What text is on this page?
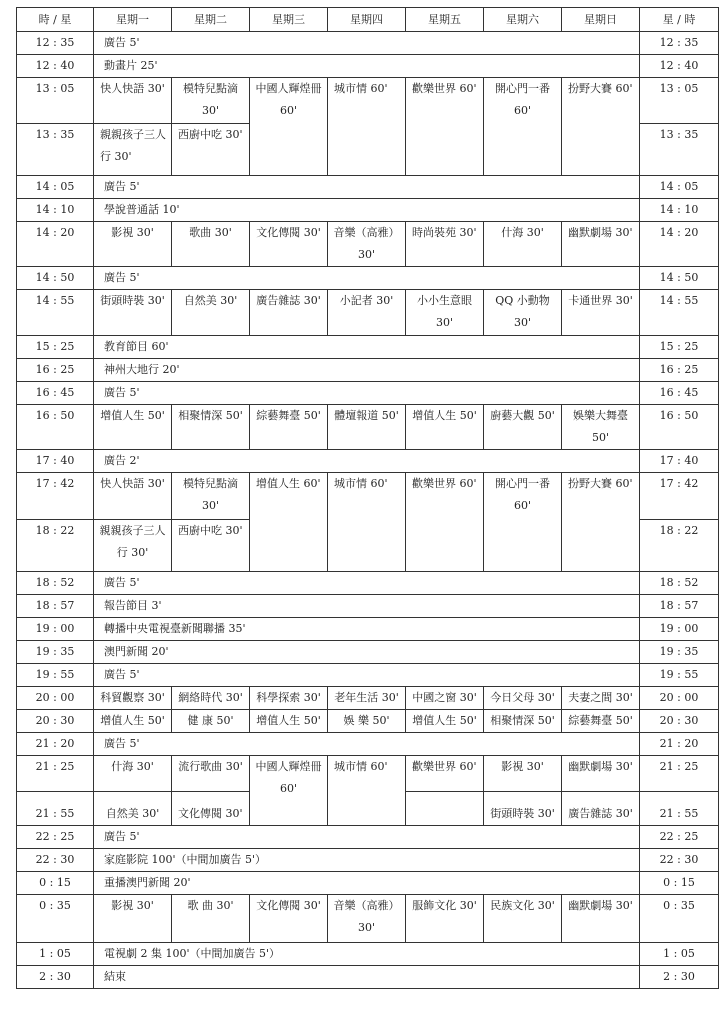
時 / 星	星期一	星期二	星期三	星期四	星期五	星期六	星期日	星 / 時
12 : 35	廣告 5'							12 : 35
12 : 40	動畫片 25'							12 : 40
13 : 05	快人快語 30'	模特兒點滴 30'	中國人輝煌冊 60'	城市情 60'	歡樂世界 60'	開心門一番 60'	扮野大賽 60'	13 : 05
13 : 35	親親孩子三人行 30'	西廚中吃 30'						13 : 35
14 : 05	廣告 5'							14 : 05
14 : 10	學說普通話 10'							14 : 10
14 : 20	影視 30'	歌曲 30'	文化傳閱 30'	音樂（高雅）30'	時尚裝苑 30'	什海 30'	幽默劇場 30'	14 : 20
14 : 50	廣告 5'							14 : 50
14 : 55	街頭時裝 30'	自然美 30'	廣告雜誌 30'	小記者 30'	小小生意眼 30'	QQ 小動物 30'	卡通世界 30'	14 : 55
15 : 25	教育節目 60'							15 : 25
16 : 25	神州大地行 20'							16 : 25
16 : 45	廣告 5'							16 : 45
16 : 50	增值人生 50'	相聚情深 50'	綜藝舞臺 50'	體壇報道 50'	增值人生 50'	廚藝大觀 50'	娛樂大舞臺 50'	16 : 50
17 : 40	廣告 2'							17 : 40
17 : 42	快人快語 30'	模特兒點滴 30'	增值人生 60'	城市情 60'	歡樂世界 60'	開心門一番 60'	扮野大賽 60'	17 : 42
18 : 22	親親孩子三人行 30'	西廚中吃 30'						18 : 22
18 : 52	廣告 5'							18 : 52
18 : 57	報告節目 3'							18 : 57
19 : 00	轉播中央電視臺新聞聯播 35'							19 : 00
19 : 35	澳門新聞 20'							19 : 35
19 : 55	廣告 5'							19 : 55
20 : 00	科貿觀察 30'	網絡時代 30'	科學探索 30'	老年生活 30'	中國之窗 30'	今日父母 30'	夫妻之間 30'	20 : 00
20 : 30	增值人生 50'	健 康 50'	增值人生 50'	娛 樂 50'	增值人生 50'	相聚情深 50'	綜藝舞臺 50'	20 : 30
21 : 20	廣告 5'							21 : 20
21 : 25	什海 30'	流行歌曲 30'	中國人輝煌冊 60'	城市情 60'	歡樂世界 60'	影視 30'	幽默劇場 30'	21 : 25
21 : 55	自然美 30'	文化傳閱 30'				街頭時裝 30'	廣告雜誌 30'	21 : 55
22 : 25	廣告 5'							22 : 25
22 : 30	家庭影院 100'（中間加廣告 5'）							22 : 30
0 : 15	重播澳門新聞 20'							0 : 15
0 : 35	影視 30'	歌 曲 30'	文化傳閱 30'	音樂（高雅）30'	服飾文化 30'	民族文化 30'	幽默劇場 30'	0 : 35
1 : 05	電視劇 2 集 100'（中間加廣告 5'）							1 : 05
2 : 30	結束							2 : 30
